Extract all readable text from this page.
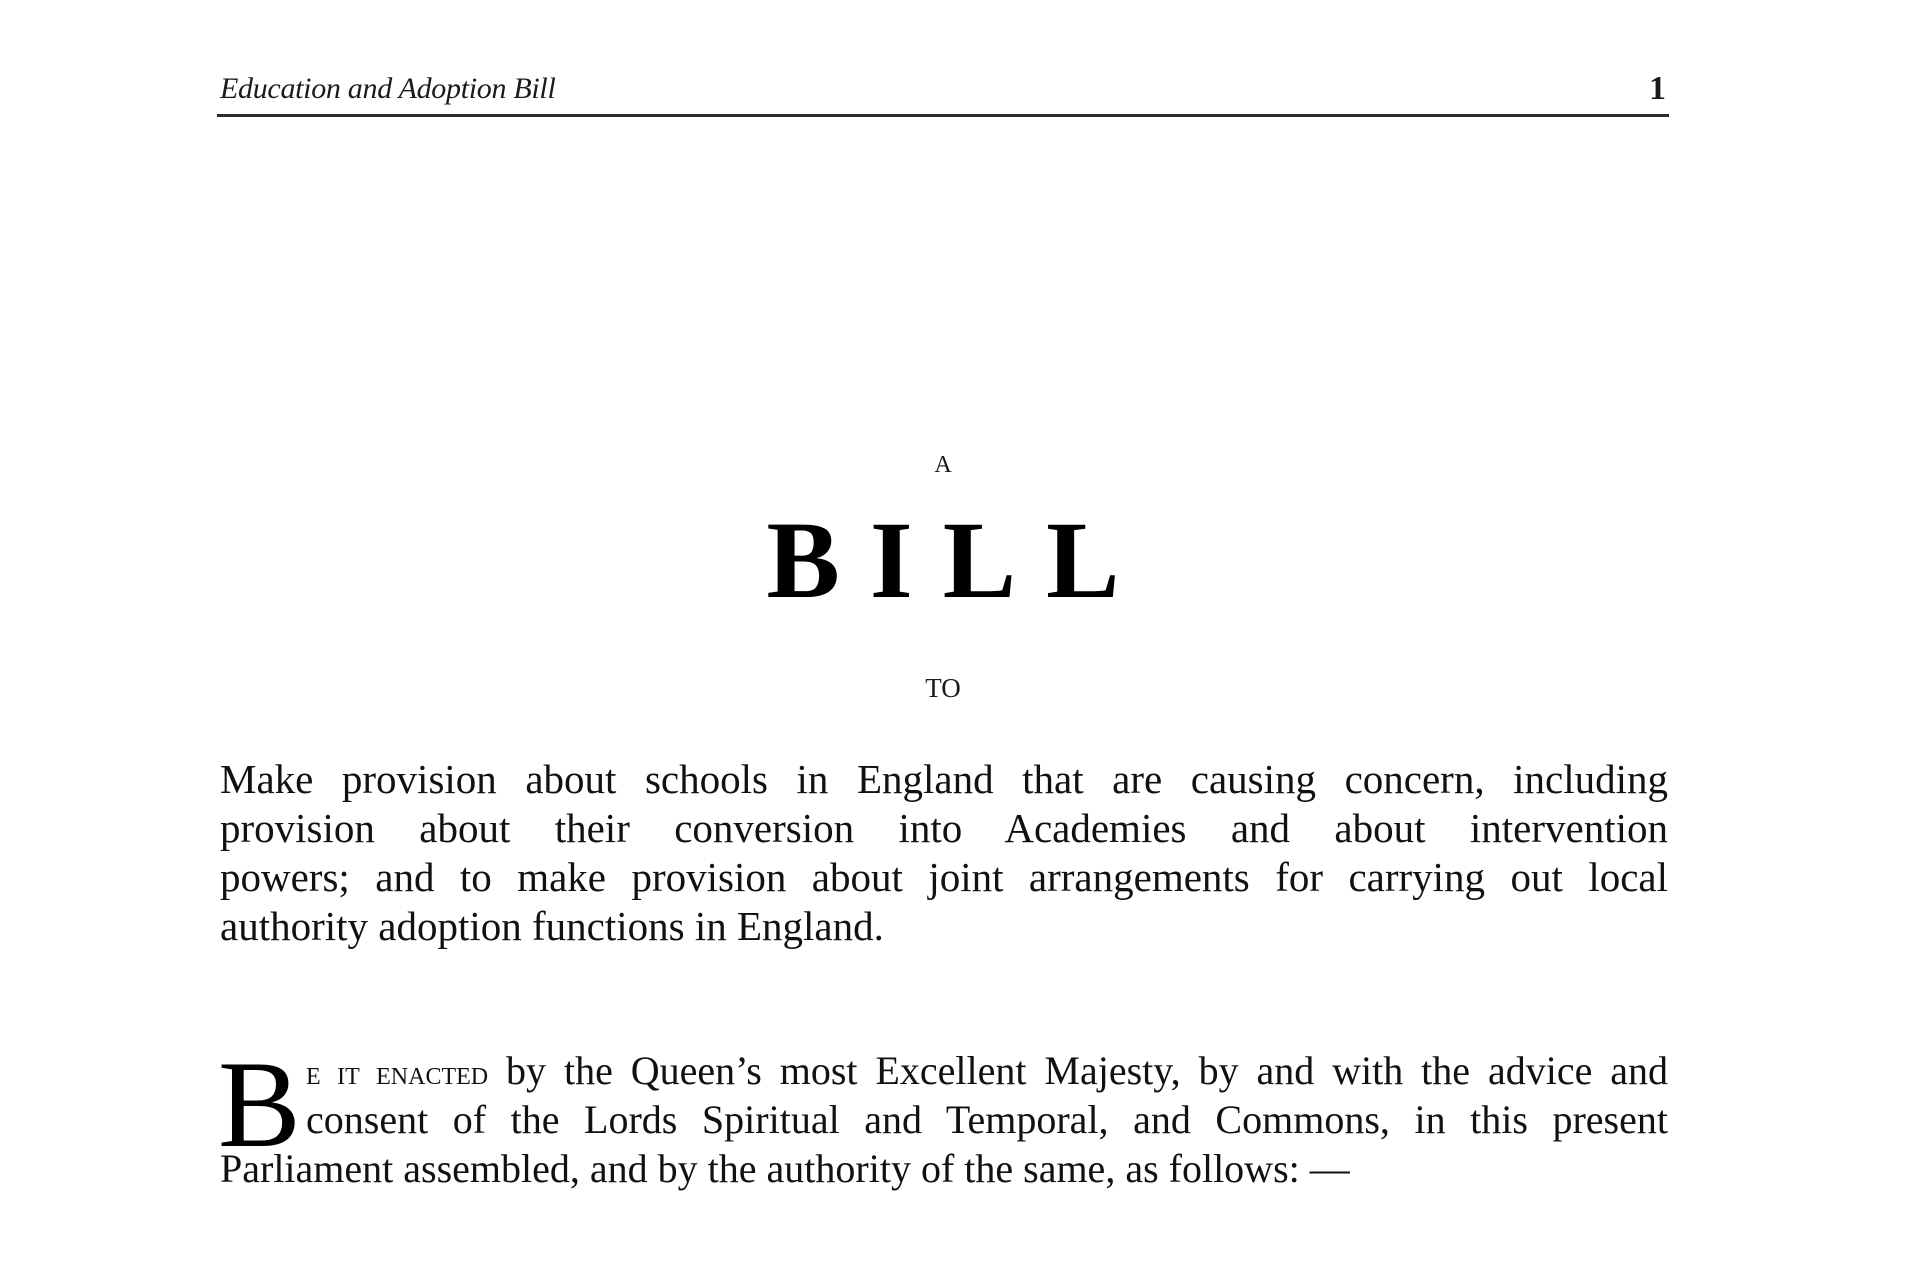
Education and Adoption Bill	1
A
BILL
TO
Make provision about schools in England that are causing concern, including
provision about their conversion into Academies and about intervention
powers; and to make provision about joint arrangements for carrying out local
authority adoption functions in England.
B e it enacted by the Queen’s most Excellent Majesty, by and with the advice and
consent of the Lords Spiritual and Temporal, and Commons, in this present
Parliament assembled, and by the authority of the same, as follows: —
